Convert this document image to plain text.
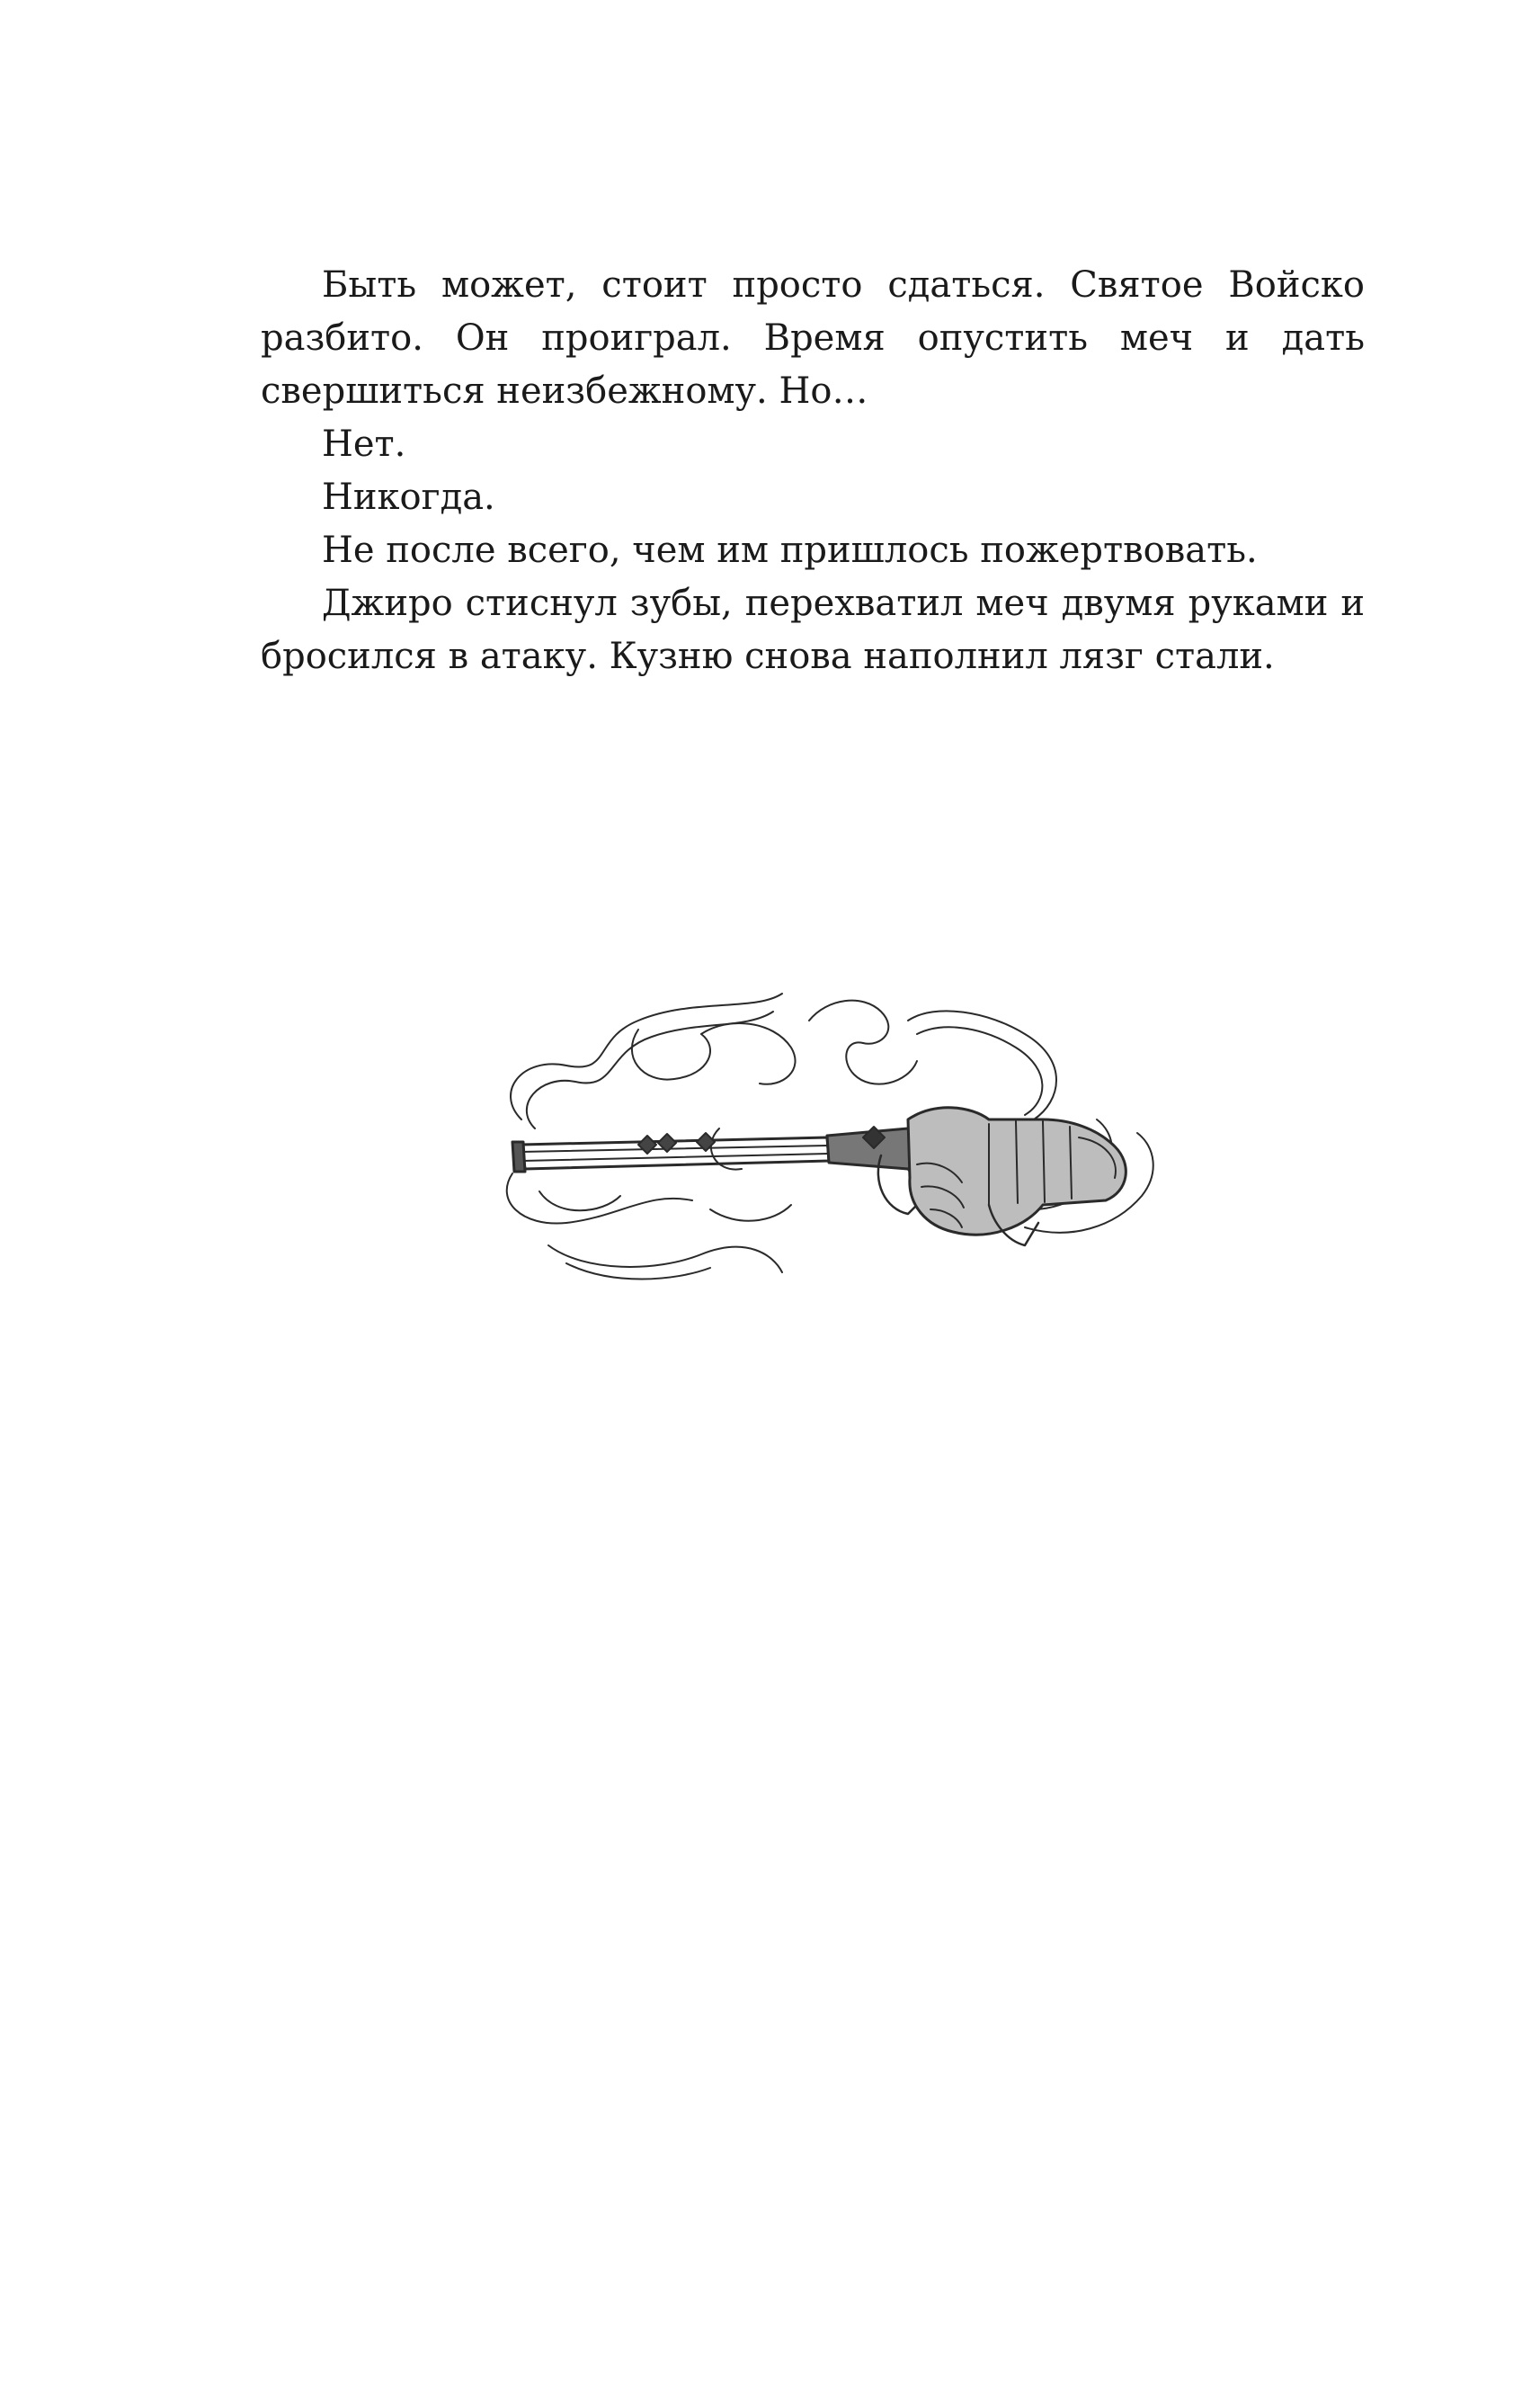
Быть может, стоит просто сдаться. Святое Войско разбито. Он проиграл. Время опустить меч и дать свершиться неизбежному. Но…

Нет.

Никогда.

Не после всего, чем им пришлось пожертвовать.

Джиро стиснул зубы, перехватил меч двумя руками и бросился в атаку. Кузню снова наполнил лязг стали.
